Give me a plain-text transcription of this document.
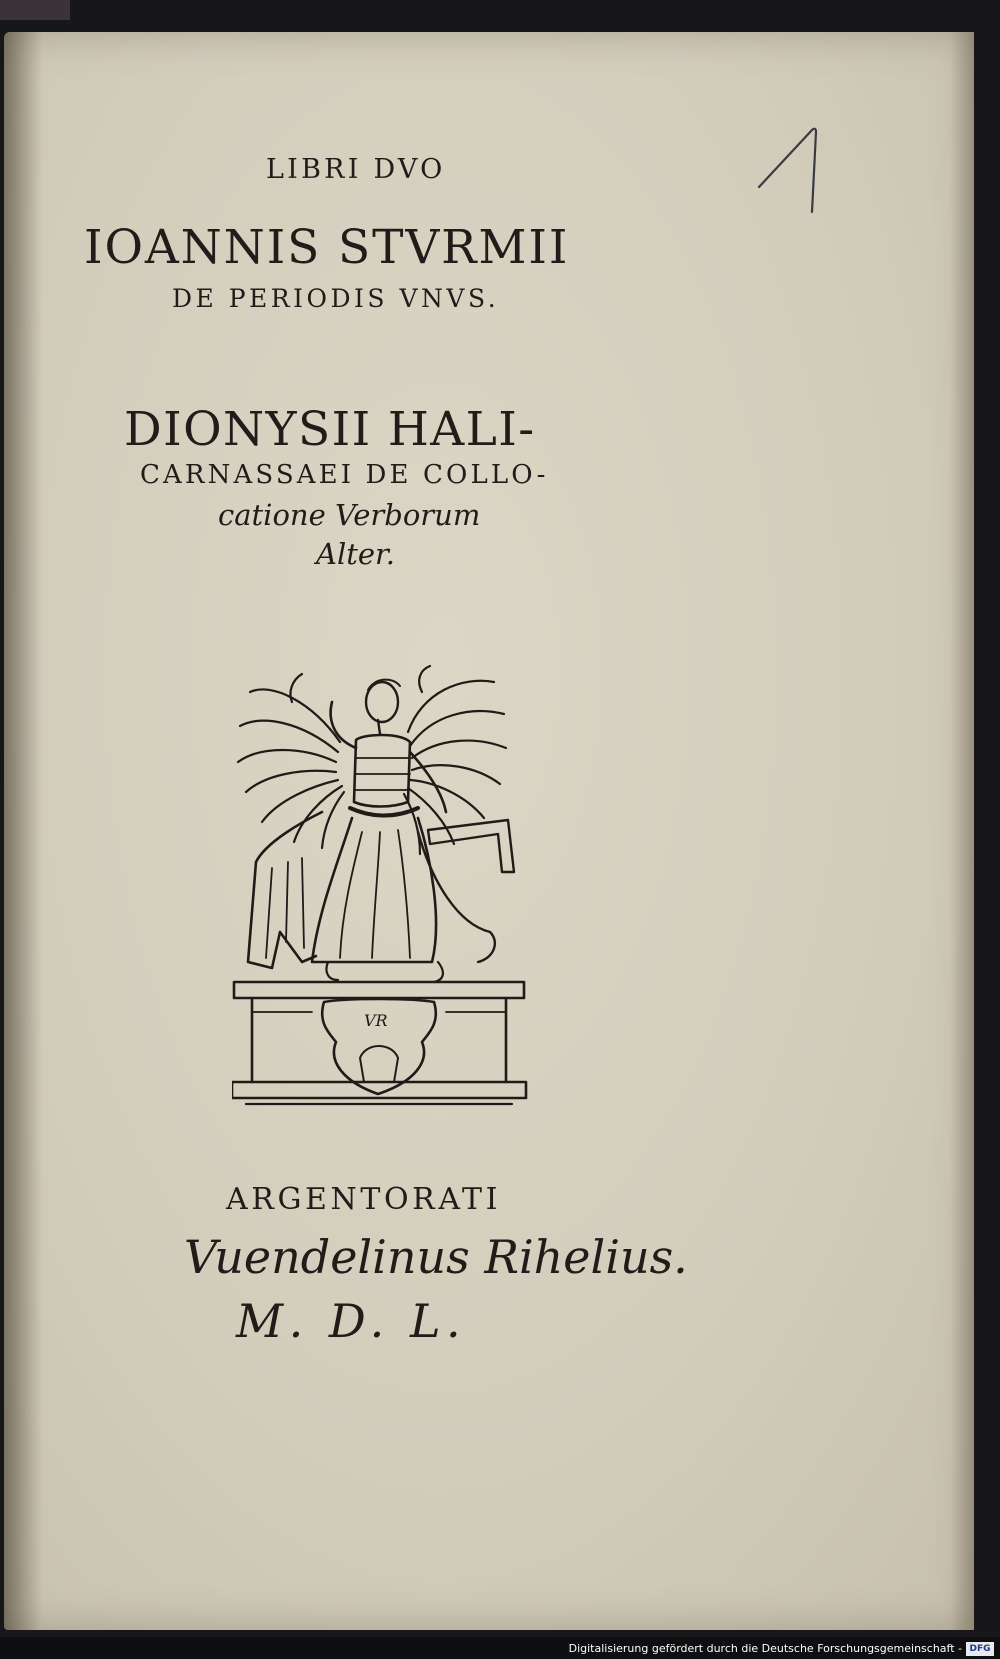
LIBRI DVO
IOANNIS STVRMII
DE PERIODIS VNVS.
DIONYSII HALI-
CARNASSAEI DE COLLO-
catione Verborum
Alter.
VR
ARGENTORATI
Vuendelinus Rihelius.
M. D. L.
Digitalisierung gefördert durch die Deutsche Forschungsgemeinschaft - DFG
